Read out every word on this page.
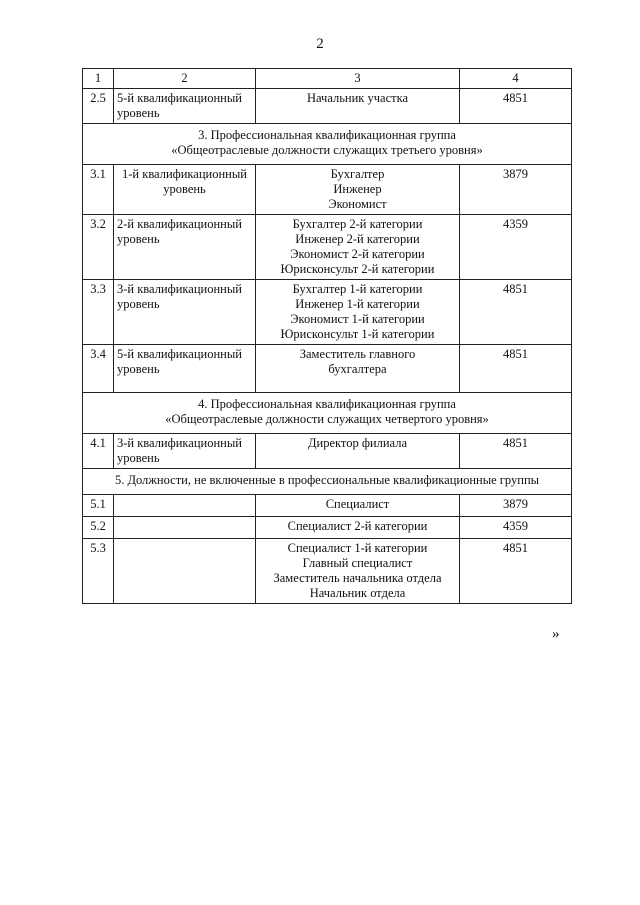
2
1	2	3	4
2.5	5-й квалификационный уровень	Начальник участка	4851

3. Профессиональная квалификационная группа
«Общеотраслевые должности служащих третьего уровня»			

3.1	1-й квалификационный уровень	Бухгалтер
Инженер
Экономист	3879
3.2	2-й квалификационный уровень	Бухгалтер 2-й категории
Инженер 2-й категории
Экономист 2-й категории
Юрисконсульт 2-й категории	4359
3.3	3-й квалификационный уровень	Бухгалтер 1-й категории
Инженер 1-й категории
Экономист 1-й категории
Юрисконсульт 1-й категории	4851
3.4	5-й квалификационный уровень	Заместитель главного
бухгалтера	4851

4. Профессиональная квалификационная группа
«Общеотраслевые должности служащих четвертого уровня»			

4.1	3-й квалификационный уровень	Директор филиала	4851

5. Должности, не включенные в профессиональные квалификационные группы			

5.1		Специалист	3879
5.2		Специалист 2-й категории	4359
5.3		Специалист 1-й категории
Главный специалист
Заместитель начальника отдела
Начальник отдела	4851
»
